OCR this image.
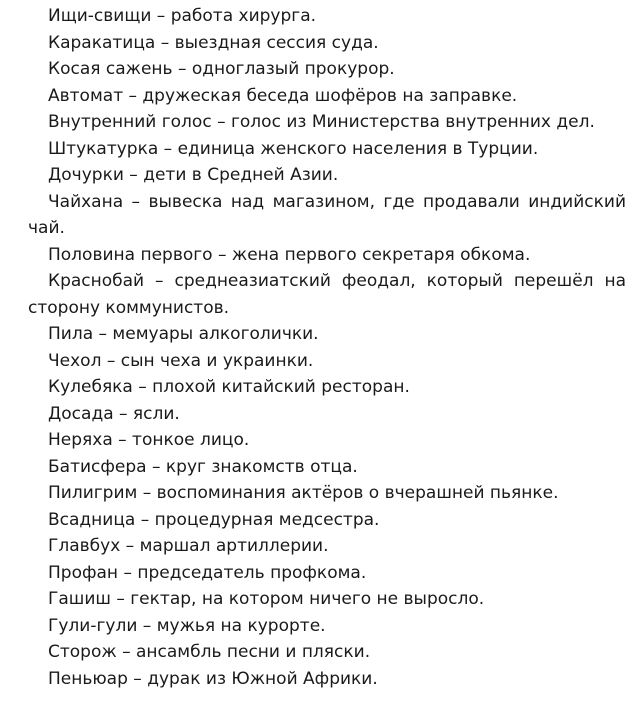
Ищи-свищи – работа хирурга.

Каракатица – выездная сессия суда.

Косая сажень – одноглазый прокурор.

Автомат – дружеская беседа шофёров на заправке.

Внутренний голос – голос из Министерства внутренних дел.

Штукатурка – единица женского населения в Турции.

Дочурки – дети в Средней Азии.

Чайхана – вывеска над магазином, где продавали индийский чай.

Половина первого – жена первого секретаря обкома.

Краснобай – среднеазиатский феодал, который перешёл на сторону коммунистов.

Пила – мемуары алкоголички.

Чехол – сын чеха и украинки.

Кулебяка – плохой китайский ресторан.

Досада – ясли.

Неряха – тонкое лицо.

Батисфера – круг знакомств отца.

Пилигрим – воспоминания актёров о вчерашней пьянке.

Всадница – процедурная медсестра.

Главбух – маршал артиллерии.

Профан – председатель профкома.

Гашиш – гектар, на котором ничего не выросло.

Гули-гули – мужья на курорте.

Сторож – ансамбль песни и пляски.

Пеньюар – дурак из Южной Африки.
